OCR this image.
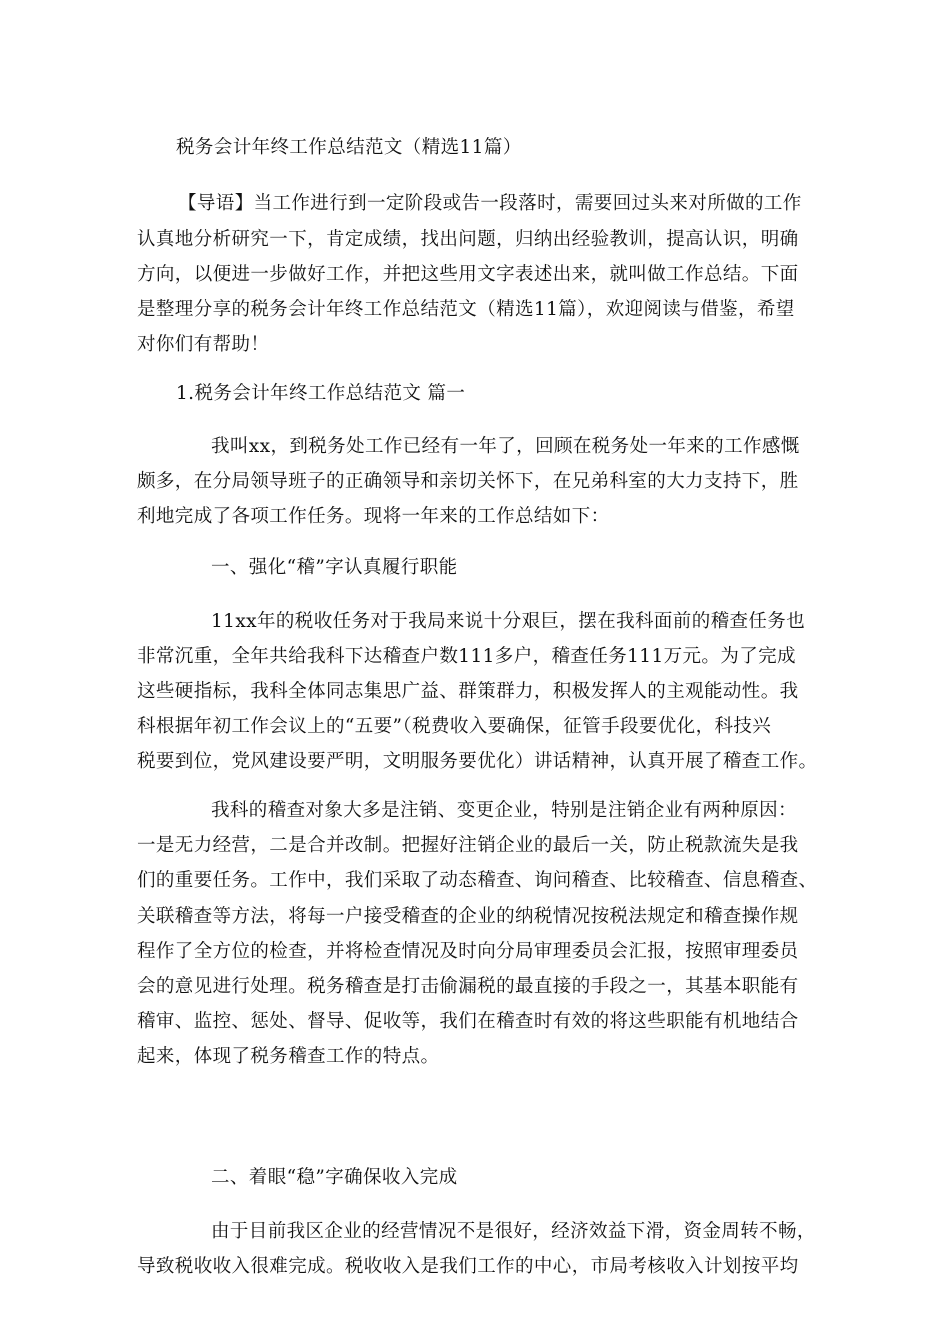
税务会计年终工作总结范文（精选11篇）
【导语】当工作进行到一定阶段或告一段落时，需要回过头来对所做的工作
认真地分析研究一下，肯定成绩，找出问题，归纳出经验教训，提高认识，明确
方向，以便进一步做好工作，并把这些用文字表述出来，就叫做工作总结。下面
是整理分享的税务会计年终工作总结范文（精选11篇），欢迎阅读与借鉴，希望
对你们有帮助！
1.税务会计年终工作总结范文 篇一
我叫xx，到税务处工作已经有一年了，回顾在税务处一年来的工作感慨
颇多，在分局领导班子的正确领导和亲切关怀下，在兄弟科室的大力支持下，胜
利地完成了各项工作任务。现将一年来的工作总结如下：
一、强化“稽”字认真履行职能
11xx年的税收任务对于我局来说十分艰巨，摆在我科面前的稽查任务也
非常沉重，全年共给我科下达稽查户数111多户，稽查任务111万元。为了完成
这些硬指标，我科全体同志集思广益、群策群力，积极发挥人的主观能动性。我
科根据年初工作会议上的“五要”（税费收入要确保，征管手段要优化，科技兴
税要到位，党风建设要严明，文明服务要优化）讲话精神，认真开展了稽查工作。
我科的稽查对象大多是注销、变更企业，特别是注销企业有两种原因：
一是无力经营，二是合并改制。把握好注销企业的最后一关，防止税款流失是我
们的重要任务。工作中，我们采取了动态稽查、询问稽查、比较稽查、信息稽查、
关联稽查等方法，将每一户接受稽查的企业的纳税情况按税法规定和稽查操作规
程作了全方位的检查，并将检查情况及时向分局审理委员会汇报，按照审理委员
会的意见进行处理。税务稽查是打击偷漏税的最直接的手段之一，其基本职能有
稽审、监控、惩处、督导、促收等，我们在稽查时有效的将这些职能有机地结合
起来，体现了税务稽查工作的特点。
二、着眼“稳”字确保收入完成
由于目前我区企业的经营情况不是很好，经济效益下滑，资金周转不畅，
导致税收收入很难完成。税收收入是我们工作的中心，市局考核收入计划按平均
